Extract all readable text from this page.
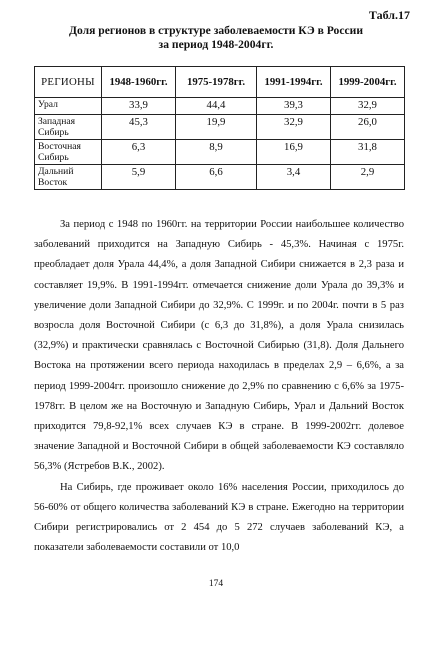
Табл.17
Доля регионов в структуре заболеваемости КЭ в России
за период 1948-2004гг.
РЕГИОНЫ	1948-1960гг.	1975-1978гг.	1991-1994гг.	1999-2004гг.
Урал	33,9	44,4	39,3	32,9
Западная
Сибирь	45,3	19,9	32,9	26,0
Восточная
Сибирь	6,3	8,9	16,9	31,8
Дальний
Восток	5,9	6,6	3,4	2,9

За период с 1948 по 1960гг. на территории России наибольшее количество заболеваний приходится на Западную Сибирь - 45,3%. Начиная с 1975г. преобладает доля Урала 44,4%, а доля Западной Сибири снижается в 2,3 раза и составляет 19,9%. В 1991-1994гг. отмечается снижение доли Урала до 39,3% и увеличение доли Западной Сибири до 32,9%. С 1999г. и по 2004г. почти в 5 раз возросла доля Восточной Сибири (с 6,3 до 31,8%), а доля Урала снизилась (32,9%) и практически сравнялась с Восточной Сибирью (31,8). Доля Дальнего Востока на протяжении всего периода находилась в пределах 2,9 – 6,6%, а за период 1999-2004гг. произошло снижение до 2,9% по сравнению с 6,6% за 1975-1978гг. В целом же на Восточную и Западную Сибирь, Урал и Дальний Восток приходится 79,8-92,1% всех случаев КЭ в стране. В 1999-2002гг. долевое значение Западной и Восточной Сибири в общей заболеваемости КЭ составляло 56,3% (Ястребов В.К., 2002).

На Сибирь, где проживает около 16% населения России, приходилось до 56-60% от общего количества заболеваний КЭ в стране. Ежегодно на территории Сибири регистрировались от 2 454 до 5 272 случаев заболеваний КЭ, а показатели заболеваемости составили от 10,0

174
